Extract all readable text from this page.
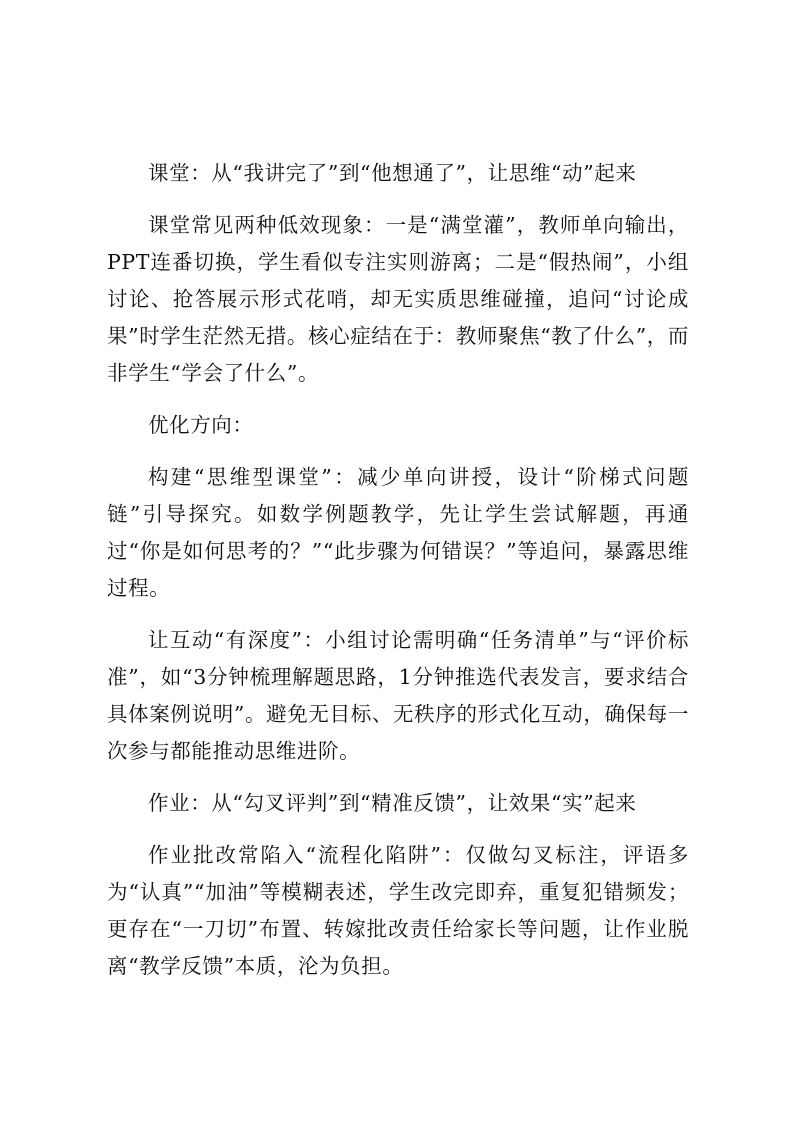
课堂：从“我讲完了”到“他想通了”，让思维“动”起来

课堂常见两种低效现象：一是“满堂灌”，教师单向输出，PPT连番切换，学生看似专注实则游离；二是“假热闹”，小组讨论、抢答展示形式花哨，却无实质思维碰撞，追问“讨论成果”时学生茫然无措。核心症结在于：教师聚焦“教了什么”，而非学生“学会了什么”。

优化方向：

构建“思维型课堂”：减少单向讲授，设计“阶梯式问题链”引导探究。如数学例题教学，先让学生尝试解题，再通过“你是如何思考的？”“此步骤为何错误？”等追问，暴露思维过程。

让互动“有深度”：小组讨论需明确“任务清单”与“评价标准”，如“3分钟梳理解题思路，1分钟推选代表发言，要求结合具体案例说明”。避免无目标、无秩序的形式化互动，确保每一次参与都能推动思维进阶。

作业：从“勾叉评判”到“精准反馈”，让效果“实”起来

作业批改常陷入“流程化陷阱”：仅做勾叉标注，评语多为“认真”“加油”等模糊表述，学生改完即弃，重复犯错频发；更存在“一刀切”布置、转嫁批改责任给家长等问题，让作业脱离“教学反馈”本质，沦为负担。
